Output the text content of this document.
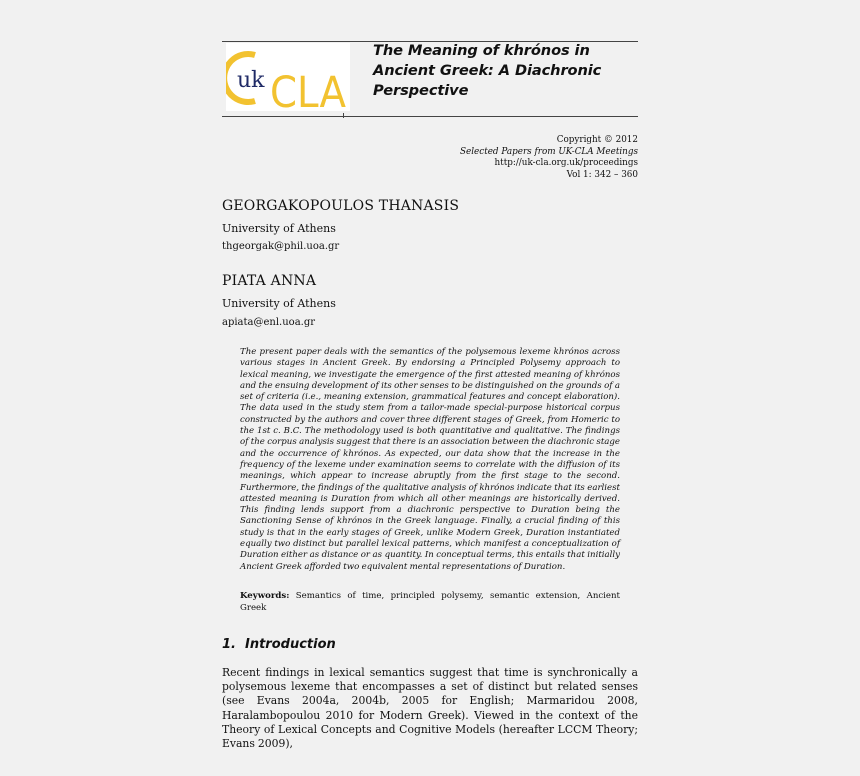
uk CLA
The Meaning of khrónos in Ancient Greek: A Diachronic Perspective
Copyright © 2012
Selected Papers from UK-CLA Meetings
http://uk-cla.org.uk/proceedings
Vol 1: 342 – 360
GEORGAKOPOULOS THANASIS
University of Athens
thgeorgak@phil.uoa.gr
PIATA ANNA
University of Athens
apiata@enl.uoa.gr
The present paper deals with the semantics of the polysemous lexeme khrónos across various stages in Ancient Greek. By endorsing a Principled Polysemy approach to lexical meaning, we investigate the emergence of the first attested meaning of khrónos and the ensuing development of its other senses to be distinguished on the grounds of a set of criteria (i.e., meaning extension, grammatical features and concept elaboration). The data used in the study stem from a tailor-made special-purpose historical corpus constructed by the authors and cover three different stages of Greek, from Homeric to the 1st c. B.C. The methodology used is both quantitative and qualitative. The findings of the corpus analysis suggest that there is an association between the diachronic stage and the occurrence of khrónos. As expected, our data show that the increase in the frequency of the lexeme under examination seems to correlate with the diffusion of its meanings, which appear to increase abruptly from the first stage to the second. Furthermore, the findings of the qualitative analysis of khrónos indicate that its earliest attested meaning is Duration from which all other meanings are historically derived. This finding lends support from a diachronic perspective to Duration being the Sanctioning Sense of khrónos in the Greek language. Finally, a crucial finding of this study is that in the early stages of Greek, unlike Modern Greek, Duration instantiated equally two distinct but parallel lexical patterns, which manifest a conceptualization of Duration either as distance or as quantity. In conceptual terms, this entails that initially Ancient Greek afforded two equivalent mental representations of Duration.
Keywords: Semantics of time, principled polysemy, semantic extension, Ancient Greek
1. Introduction
Recent findings in lexical semantics suggest that time is synchronically a polysemous lexeme that encompasses a set of distinct but related senses (see Evans 2004a, 2004b, 2005 for English; Marmaridou 2008, Haralambopoulou 2010 for Modern Greek). Viewed in the context of the Theory of Lexical Concepts and Cognitive Models (hereafter LCCM Theory; Evans 2009),
